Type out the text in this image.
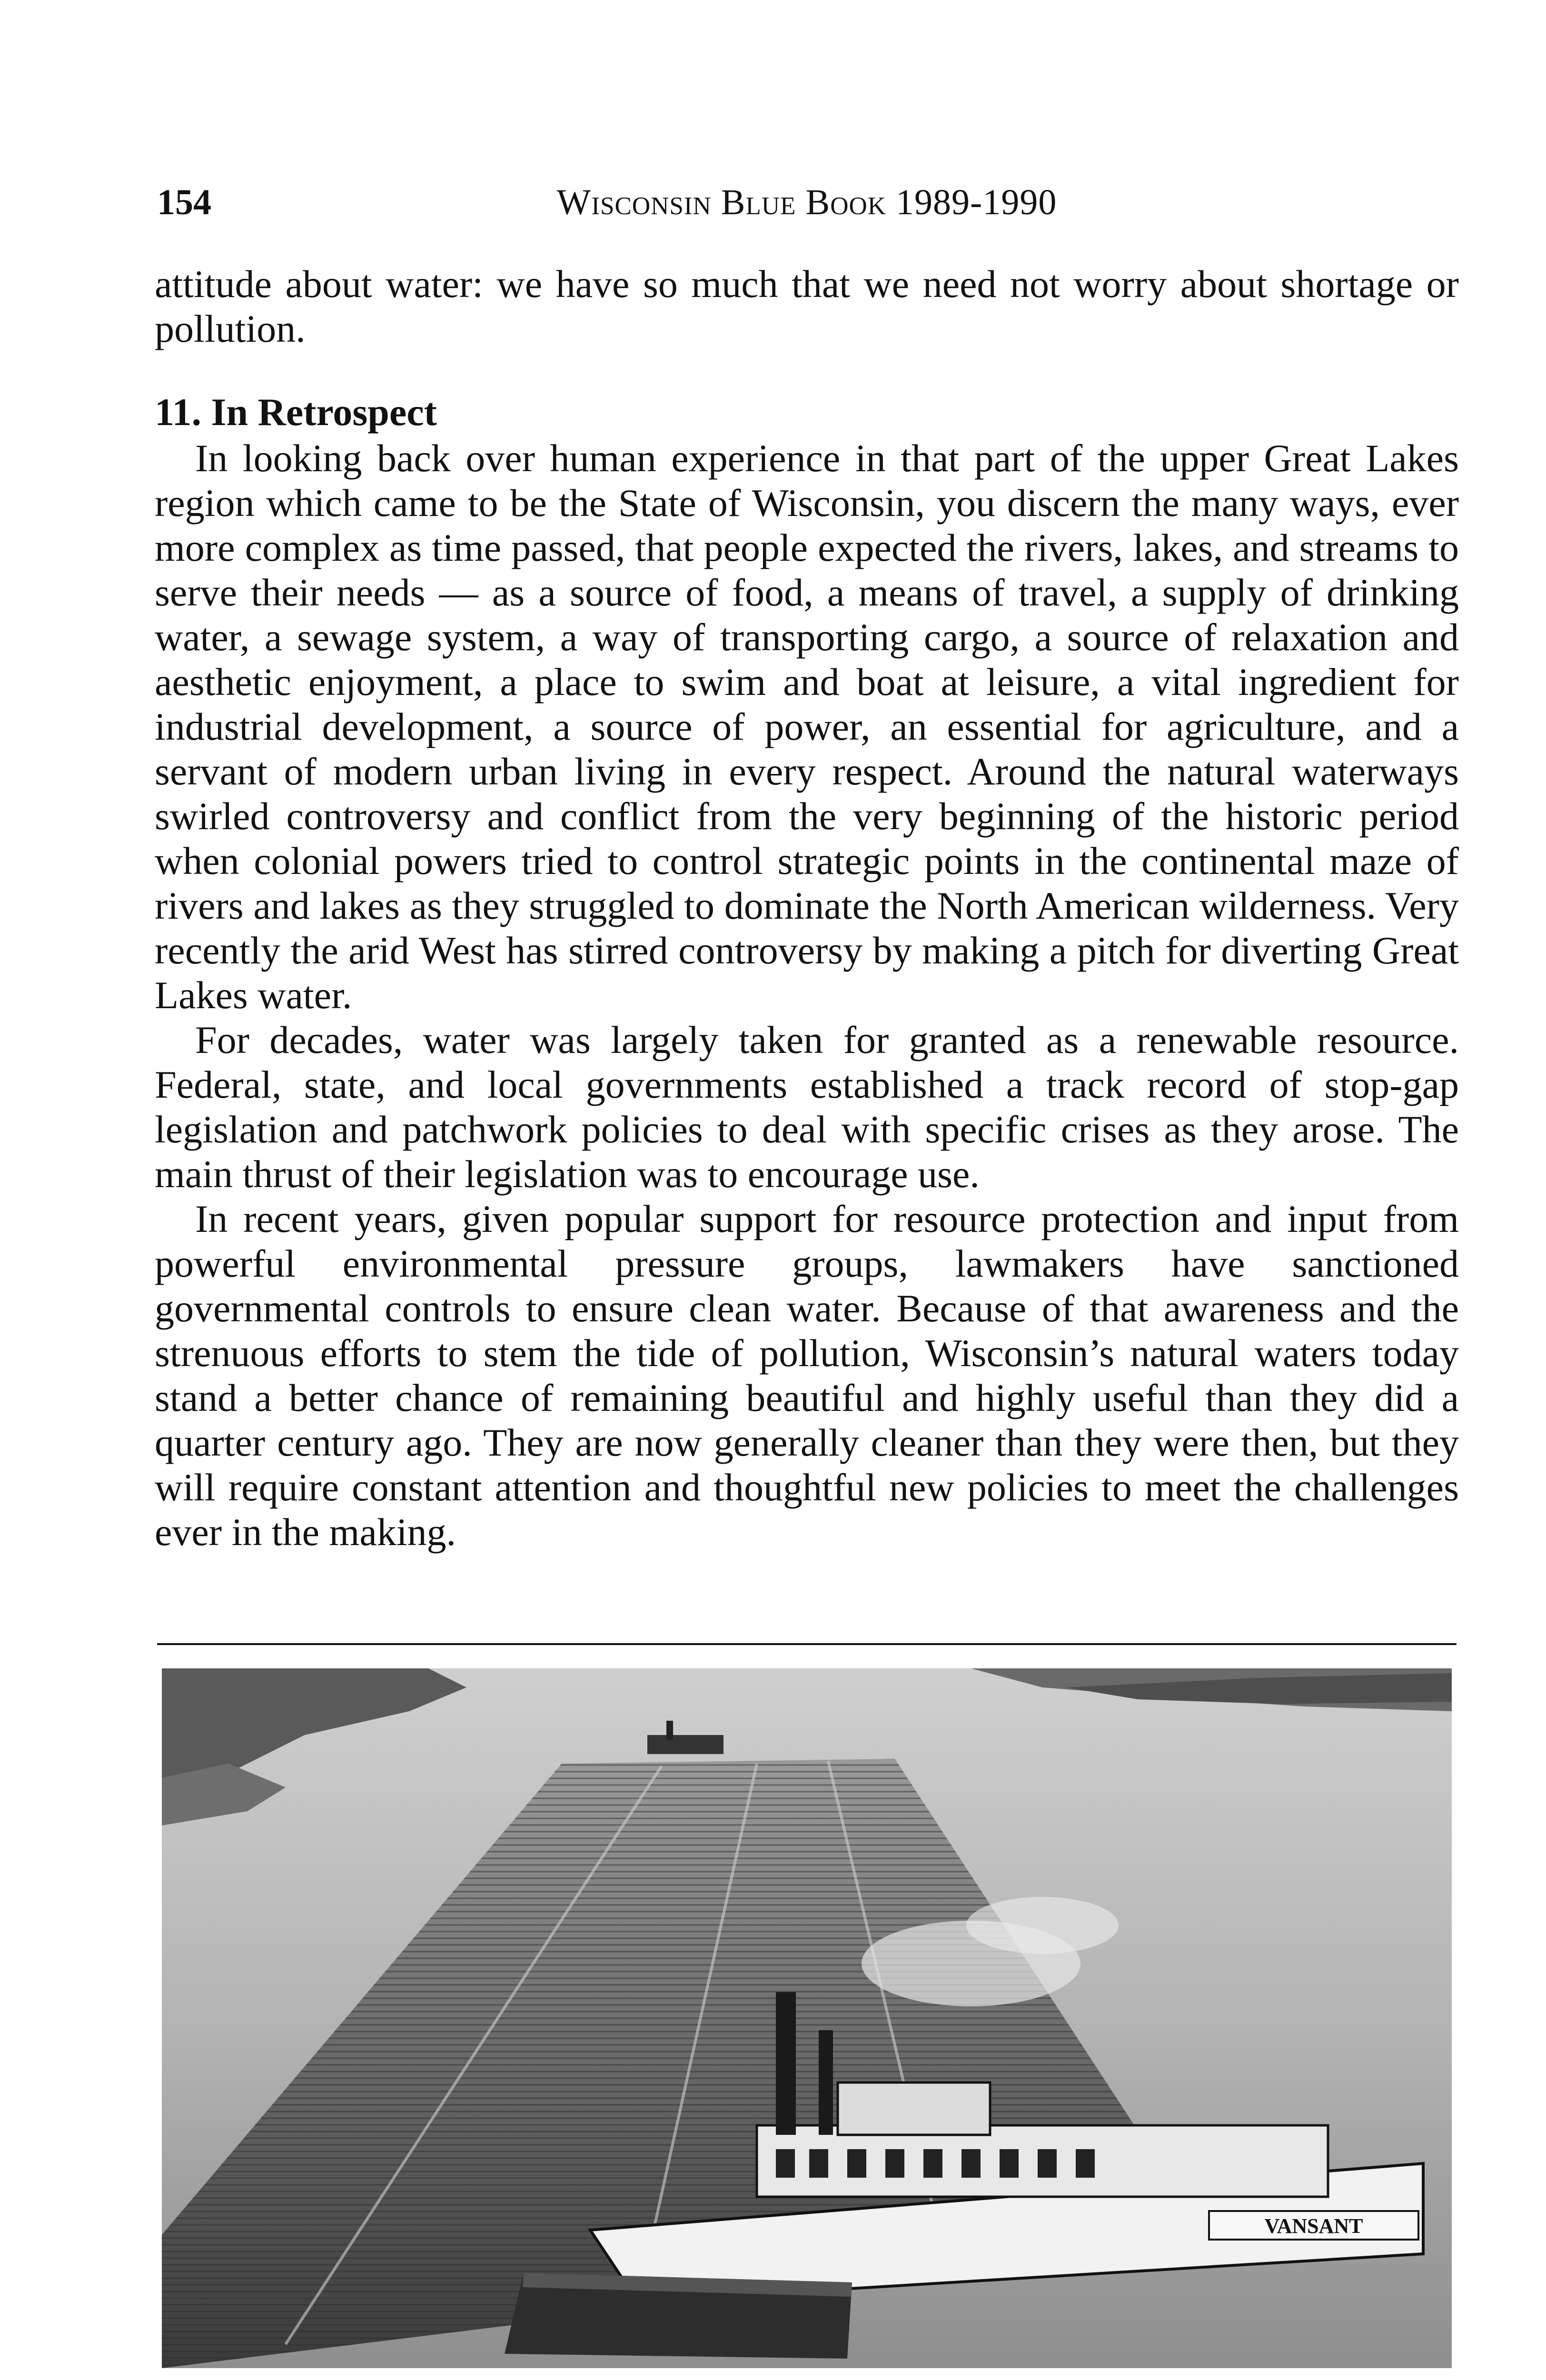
154	Wisconsin Blue Book 1989-1990

attitude about water: we have so much that we need not worry about shortage or pollution.

11. In Retrospect

In looking back over human experience in that part of the upper Great Lakes region which came to be the State of Wisconsin, you discern the many ways, ever more complex as time passed, that people expected the rivers, lakes, and streams to serve their needs — as a source of food, a means of travel, a supply of drinking water, a sewage system, a way of transporting cargo, a source of relaxation and aesthetic enjoyment, a place to swim and boat at leisure, a vital ingredient for industrial development, a source of power, an essential for agriculture, and a servant of modern urban living in every respect. Around the natural waterways swirled controversy and conflict from the very beginning of the historic period when colonial powers tried to control strategic points in the continental maze of rivers and lakes as they struggled to dominate the North American wilderness. Very recently the arid West has stirred controversy by making a pitch for diverting Great Lakes water.

For decades, water was largely taken for granted as a renewable resource. Federal, state, and local governments established a track record of stop-gap legislation and patchwork policies to deal with specific crises as they arose. The main thrust of their legislation was to encourage use.

In recent years, given popular support for resource protection and input from powerful environmental pressure groups, lawmakers have sanctioned governmental controls to ensure clean water. Because of that awareness and the strenuous efforts to stem the tide of pollution, Wisconsin’s natural waters today stand a better chance of remaining beautiful and highly useful than they did a quarter century ago. They are now generally cleaner than they were then, but they will require constant attention and thoughtful new policies to meet the challenges ever in the making.

VANSANT
